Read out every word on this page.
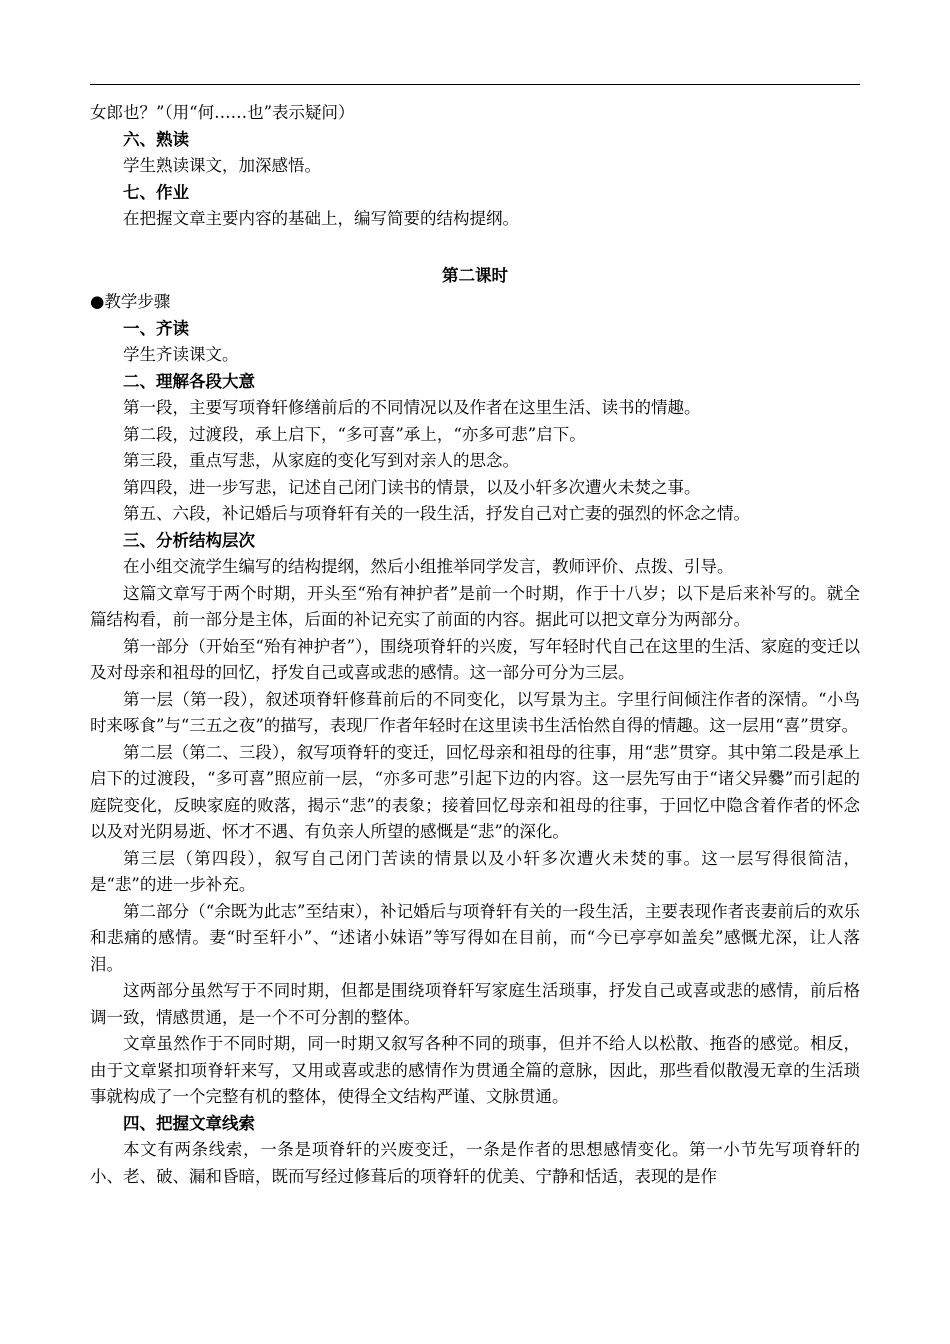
女郎也？”（用“何……也”表示疑问）

六、熟读

学生熟读课文，加深感悟。

七、作业

在把握文章主要内容的基础上，编写简要的结构提纲。

第二课时

●教学步骤

一、齐读

学生齐读课文。

二、理解各段大意

第一段，主要写项脊轩修缮前后的不同情况以及作者在这里生活、读书的情趣。

第二段，过渡段，承上启下，“多可喜”承上，“亦多可悲”启下。

第三段，重点写悲，从家庭的变化写到对亲人的思念。

第四段，进一步写悲，记述自己闭门读书的情景，以及小轩多次遭火未焚之事。

第五、六段，补记婚后与项脊轩有关的一段生活，抒发自己对亡妻的强烈的怀念之情。

三、分析结构层次

在小组交流学生编写的结构提纲，然后小组推举同学发言，教师评价、点拨、引导。

这篇文章写于两个时期，开头至“殆有神护者”是前一个时期，作于十八岁；以下是后来补写的。就全篇结构看，前一部分是主体，后面的补记充实了前面的内容。据此可以把文章分为两部分。

第一部分（开始至“殆有神护者”），围绕项脊轩的兴废，写年轻时代自己在这里的生活、家庭的变迁以及对母亲和祖母的回忆，抒发自己或喜或悲的感情。这一部分可分为三层。

第一层（第一段），叙述项脊轩修葺前后的不同变化，以写景为主。字里行间倾注作者的深情。“小鸟时来啄食”与“三五之夜”的描写，表现厂作者年轻时在这里读书生活怡然自得的情趣。这一层用“喜”贯穿。

第二层（第二、三段），叙写项脊轩的变迁，回忆母亲和祖母的往事，用“悲”贯穿。其中第二段是承上启下的过渡段，“多可喜”照应前一层，“亦多可悲”引起下边的内容。这一层先写由于“诸父异爨”而引起的庭院变化，反映家庭的败落，揭示“悲”的表象；接着回忆母亲和祖母的往事，于回忆中隐含着作者的怀念以及对光阴易逝、怀才不遇、有负亲人所望的感慨是“悲”的深化。

第三层（第四段），叙写自己闭门苦读的情景以及小轩多次遭火未焚的事。这一层写得很简洁，是“悲”的进一步补充。

第二部分（“余既为此志”至结束），补记婚后与项脊轩有关的一段生活，主要表现作者丧妻前后的欢乐和悲痛的感情。妻“时至轩小”、“述诸小妹语”等写得如在目前，而“今已亭亭如盖矣”感慨尤深，让人落泪。

这两部分虽然写于不同时期，但都是围绕项脊轩写家庭生活琐事，抒发自己或喜或悲的感情，前后格调一致，情感贯通，是一个不可分割的整体。

文章虽然作于不同时期，同一时期又叙写各种不同的琐事，但并不给人以松散、拖沓的感觉。相反，由于文章紧扣项脊轩来写，又用或喜或悲的感情作为贯通全篇的意脉，因此，那些看似散漫无章的生活琐事就构成了一个完整有机的整体，使得全文结构严谨、文脉贯通。

四、把握文章线索

本文有两条线索，一条是项脊轩的兴废变迁，一条是作者的思想感情变化。第一小节先写项脊轩的小、老、破、漏和昏暗，既而写经过修葺后的项脊轩的优美、宁静和恬适，表现的是作
